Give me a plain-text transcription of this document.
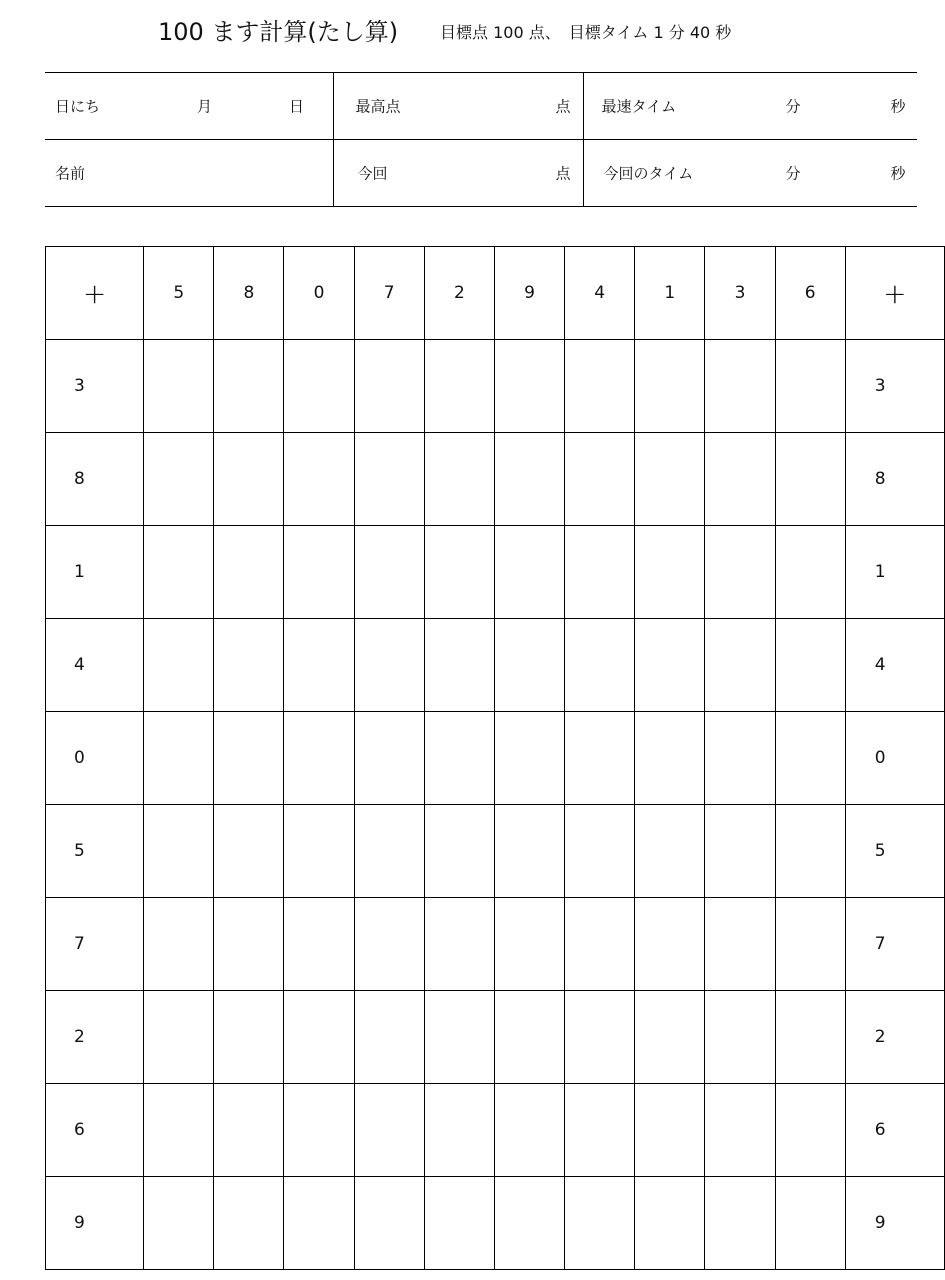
100 ます計算(たし算)	目標点 100 点、　目標タイム 1 分 40 秒
日にち 月 日	最高点 点	最速タイム 分 秒

名前	今回 点	今回のタイム 分 秒
+	5	8	0	7	2	9	4	1	3	6	+
3											3
8											8
1											1
4											4
0											0
5											5
7											7
2											2
6											6
9											9
